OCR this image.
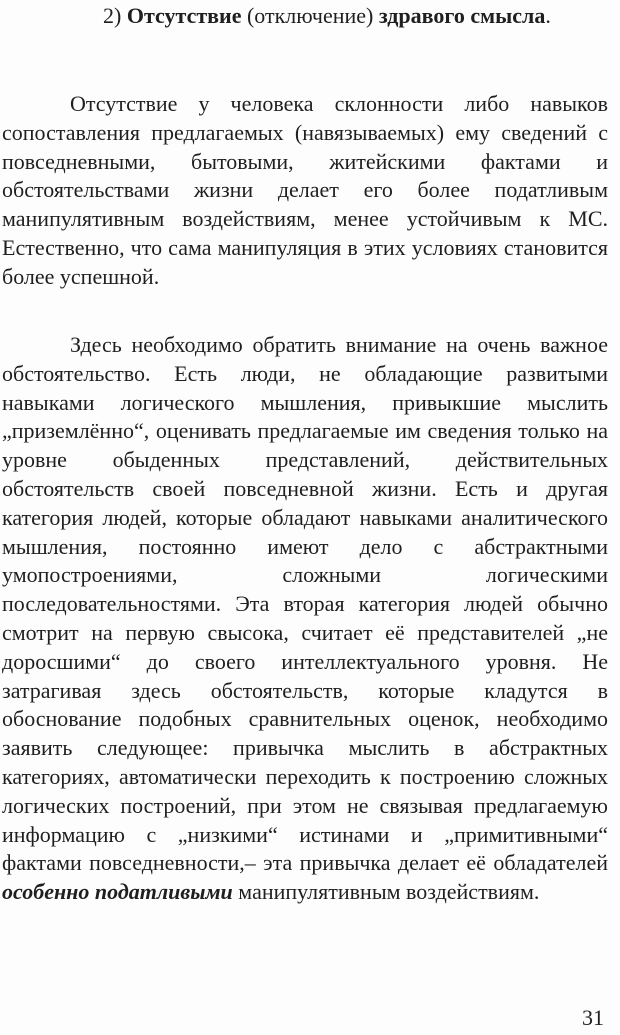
2) Отсутствие (отключение) здравого смысла.

Отсутствие у человека склонности либо навыков сопоставления предлагаемых (навязываемых) ему сведений с повседневными, бытовыми, житейскими фактами и обстоятельствами жизни делает его более податливым манипулятивным воздействиям, менее устойчивым к МС. Естественно, что сама манипуляция в этих условиях становится более успешной.

Здесь необходимо обратить внимание на очень важное обстоятельство. Есть люди, не обладающие развитыми навыками логического мышления, привыкшие мыслить „приземлённо“, оценивать предлагаемые им сведения только на уровне обыденных представлений, действительных обстоятельств своей повседневной жизни. Есть и другая категория людей, которые обладают навыками аналитического мышления, постоянно имеют дело с абстрактными умопостроениями, сложными логическими последовательностями. Эта вторая категория людей обычно смотрит на первую свысока, считает её представителей „не доросшими“ до своего интеллектуального уровня. Не затрагивая здесь обстоятельств, которые кладутся в обоснование подобных сравнительных оценок, необходимо заявить следующее: привычка мыслить в абстрактных категориях, автоматически переходить к построению сложных логических построений, при этом не связывая предлагаемую информацию с „низкими“ истинами и „примитивными“ фактами повседневности,– эта привычка делает её обладателей особенно податливыми манипулятивным воздействиям.

31
